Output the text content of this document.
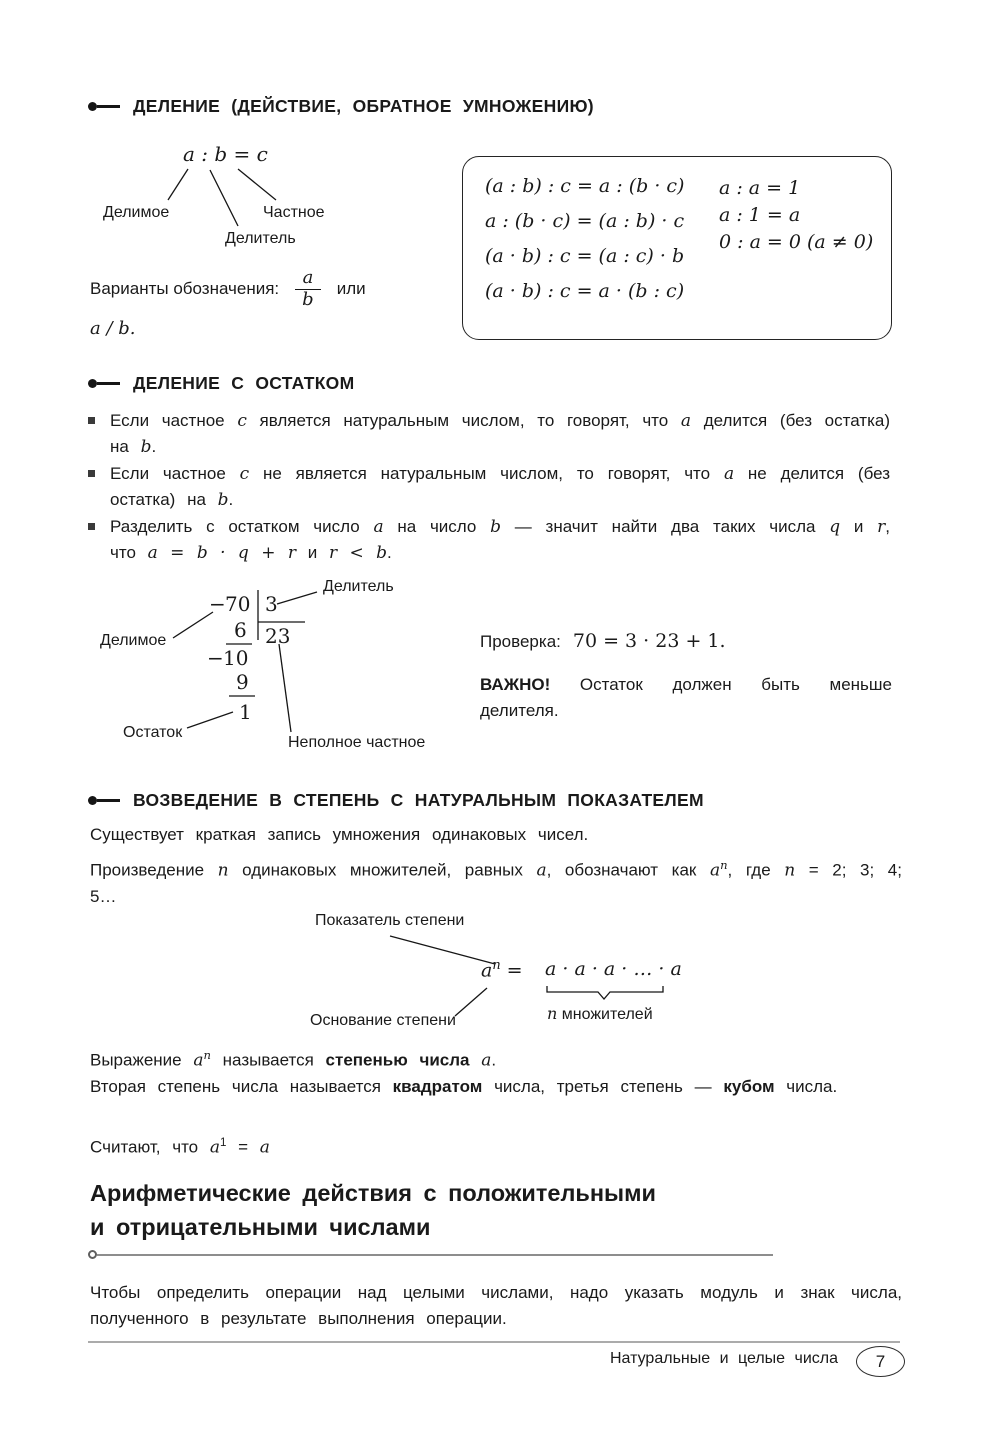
ДЕЛЕНИЕ (ДЕЙСТВИЕ, ОБРАТНОЕ УМНОЖЕНИЮ)
a : b = c
Делимое	Частное
Делитель
Варианты обозначения: $\frac{a}{b}$ или
a / b.
(a : b) : c = a : (b · c)
a : (b · c) = (a : b) · c
(a · b) : c = (a : c) · b
(a · b) : c = a · (b : c)
a : a = 1
a : 1 = a
0 : a = 0 (a ≠ 0)
ДЕЛЕНИЕ С ОСТАТКОМ
Если частное c является натуральным числом, то говорят, что a делится (без остатка) на b.
Если частное c не является натуральным числом, то говорят, что a не делится (без остатка) на b.
Разделить с остатком число a на число b — значит найти два таких числа q и r, что a = b · q + r и r < b.
− 70 3
23
6
− 10
9
1
Делитель
Делимое
Остаток
Неполное частное
Проверка: 70 = 3 · 23 + 1.
ВАЖНО! Остаток должен быть меньше делителя.
ВОЗВЕДЕНИЕ В СТЕПЕНЬ С НАТУРАЛЬНЫМ ПОКАЗАТЕЛЕМ
Существует краткая запись умножения одинаковых чисел.
Произведение n одинаковых множителей, равных a, обозначают как $a^n$, где n = 2; 3; 4; 5…
Показатель степени
$a^n = a \cdot a \cdot a$ · … · a
n множителей
Основание степени
Выражение $a^n$ называется степенью числа a.
Вторая степень числа называется квадратом числа, третья степень — кубом числа.
Считают, что $a^1 = a$
Арифметические действия с положительными
и отрицательными числами
Чтобы определить операции над целыми числами, надо указать модуль и знак числа, полученного в результате выполнения операции.
Натуральные и целые числа 7
